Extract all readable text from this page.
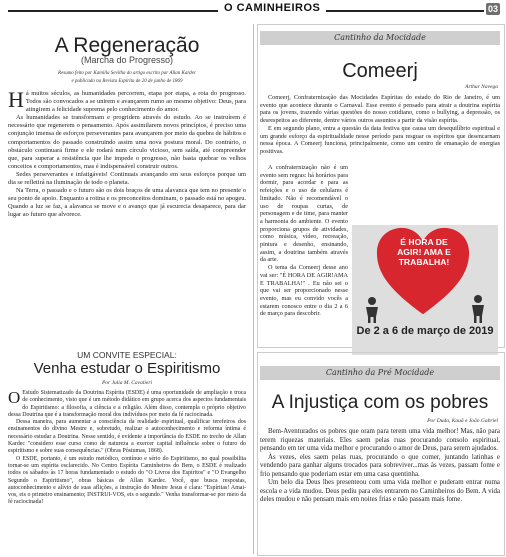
O CAMINHEIROS	03
A Regeneração
(Marcha do Progresso)
Resumo feito por Kamilla Sevilha do artigo escrito por Allan Kardec
e publicado na Revista Espírita de 20 de junho de 1869

Há muitos séculos, as humanidades percorrem, etapa por etapa, a rota do progresso. Todos são convocados a se unirem e avançarem rumo ao mesmo objetivo: Deus, para atingirem a felicidade suprema pelo conhecimento do amor.

As humanidades se transformam e progridem através do estudo. Ao se instruírem é necessário que regenerem o pensamento. Após assimilarem novos princípios, é preciso uma conjunção imensa de esforços perseverantes para avançarem por meio da quebra de hábitos e comportamentos do passado construindo assim uma nova postura moral. Do contrário, o obstáculo continuará firme e ele rodará num círculo vicioso, sem saída, até compreender que, para superar a resistência que lhe impede o progresso, não basta quebrar os velhos conceitos e comportamentos, mas é indispensável construir outros.

Sedes perseverantes e infatigáveis! Continuais avançando em seus esforços porque um dia se refletirá na iluminação de todo o planeta.

Na Terra, o passado e o futuro são os dois braços de uma alavanca que tem no presente o seu ponto de apoio. Enquanto a rotina e os preconceitos dominam, o passado está no apogeu. Quando a luz se faz, a alavanca se move e o avanço que já escurecia desaparece, para dar lugar ao futuro que alvorece.

UM CONVITE ESPECIAL:
Venha estudar o Espiritismo
Por Julia M. Cavalieri

O Estudo Sistematizado da Doutrina Espírita (ESDE) é uma oportunidade de ampliação e troca de conhecimento, visto que é um método didático em grupo acerca dos aspectos fundamentais do Espiritismo: a filosofia, a ciência e a religião. Além disso, contempla o próprio objetivo dessa Doutrina que é a transformação moral dos indivíduos por meio da fé raciocinada.

Dessa maneira, para aumentar a consciência da realidade espiritual, qualificar terefeiros dos ensinamentos do divino Mestre e, sobretudo, realizar o autoconhecimento e reforma íntima é necessário estudar a Doutrina. Nesse sentido, é evidente a importância do ESDE no trecho de Allan Kardec "considero esse curso como de natureza a exercer capital influência sobre o futuro do espiritismo e sobre suas consequências." (Obras Póstumas, 1868).

O ESDE, portanto, é um estudo metódico, contínuo e sério do Espiritismo, no qual possibilita tornar-se um espírita esclarecido. No Centro Espírita Caminheiros do Bem, o ESDE é realizado todos os sábados às 17 horas fundamentado o estudo do "O Livros dos Espíritos" e "O Evangelho Segundo o Espiritismo", obras básicas de Allan Kardec. Você, que busca respostas, autoconhecimento e alívio de suas aflições, a instrução do Mestre Jesus é clara: "Espíritas! Amai-vos, eis o primeiro ensinamento; INSTRUI-VOS, eis o segundo." Venha transformar-se por meio da fé raciocinada!

Cantinho da Mocidade
Comeerj
Arthur Navega

Comeerj, Confraternização das Mocidades Espíritas do estado do Rio de Janeiro, é um evento que acontece durante o Carnaval. Esse evento é pensado para atrair a doutrina espírita para os jovens, trazendo várias questões do nosso cotidiano, como o bullying, a depressão, os desrespeitos ao diferente, dentre vários outros assuntos a partir da visão espírita.

E em segundo plano, entra a questão da data festiva que causa um desequilíbrio espiritual e um grande esforço da espiritualidade nesse período para resguar os espíritos que desencarnam nessa época. A Comeerj funciona, principalmente, como um centro de emanação de energias positivas.

A confraternização não é um evento sem regras: há horários para dormir, para acordar e para as refeições e o uso de celulares é limitado. Não é recomendável o uso de roupas curtas, de personagem e de time, para manter a harmonia do ambiente. O evento proporciona grupos de atividades, como música, vídeo, recreação, pintura e desenho, ensinando, assim, a doutrina também através da arte.

O tema da Comeerj desse ano vai ser: "É HORA DE AGIR!AMA E TRABALHA!" . Eu não sei o que vai ser proporcionado nesse evento, mas eu convido vocês a estarem conosco entre o dia 2 a 6 de março para descobrir.

É HORA DE AGIR! AMA E TRABALHA!
De 2 a 6 de março de 2019
Cantinho da Pré Mocidade
A Injustiça com os pobres
Por Duda, Kauã e João Gabriel

Bem-Aventurados os pobres que oram para terem uma vida melhor! Mas, não para terem riquezas materiais. Eles saem pelas ruas procurando consolo espiritual, pensando em ter uma vida melhor e procurando o amor de Deus, para serem ajudados.

Às vezes, eles saem pelas ruas, procurando o que comer, juntando latinhas e vendendo para ganhar alguns trocados para sobreviver...mas às vezes, passam fome e frio pensando que poderiam estar em uma casa quentinha.

Um belo dia Deus lhes presenteou com uma vida melhor e puderam entrar numa escola e a vida mudou. Deus pediu para eles entrarem no Caminheiros do Bem. A vida deles mudou e não pensam mais em noites frias e não passam mais fome.
